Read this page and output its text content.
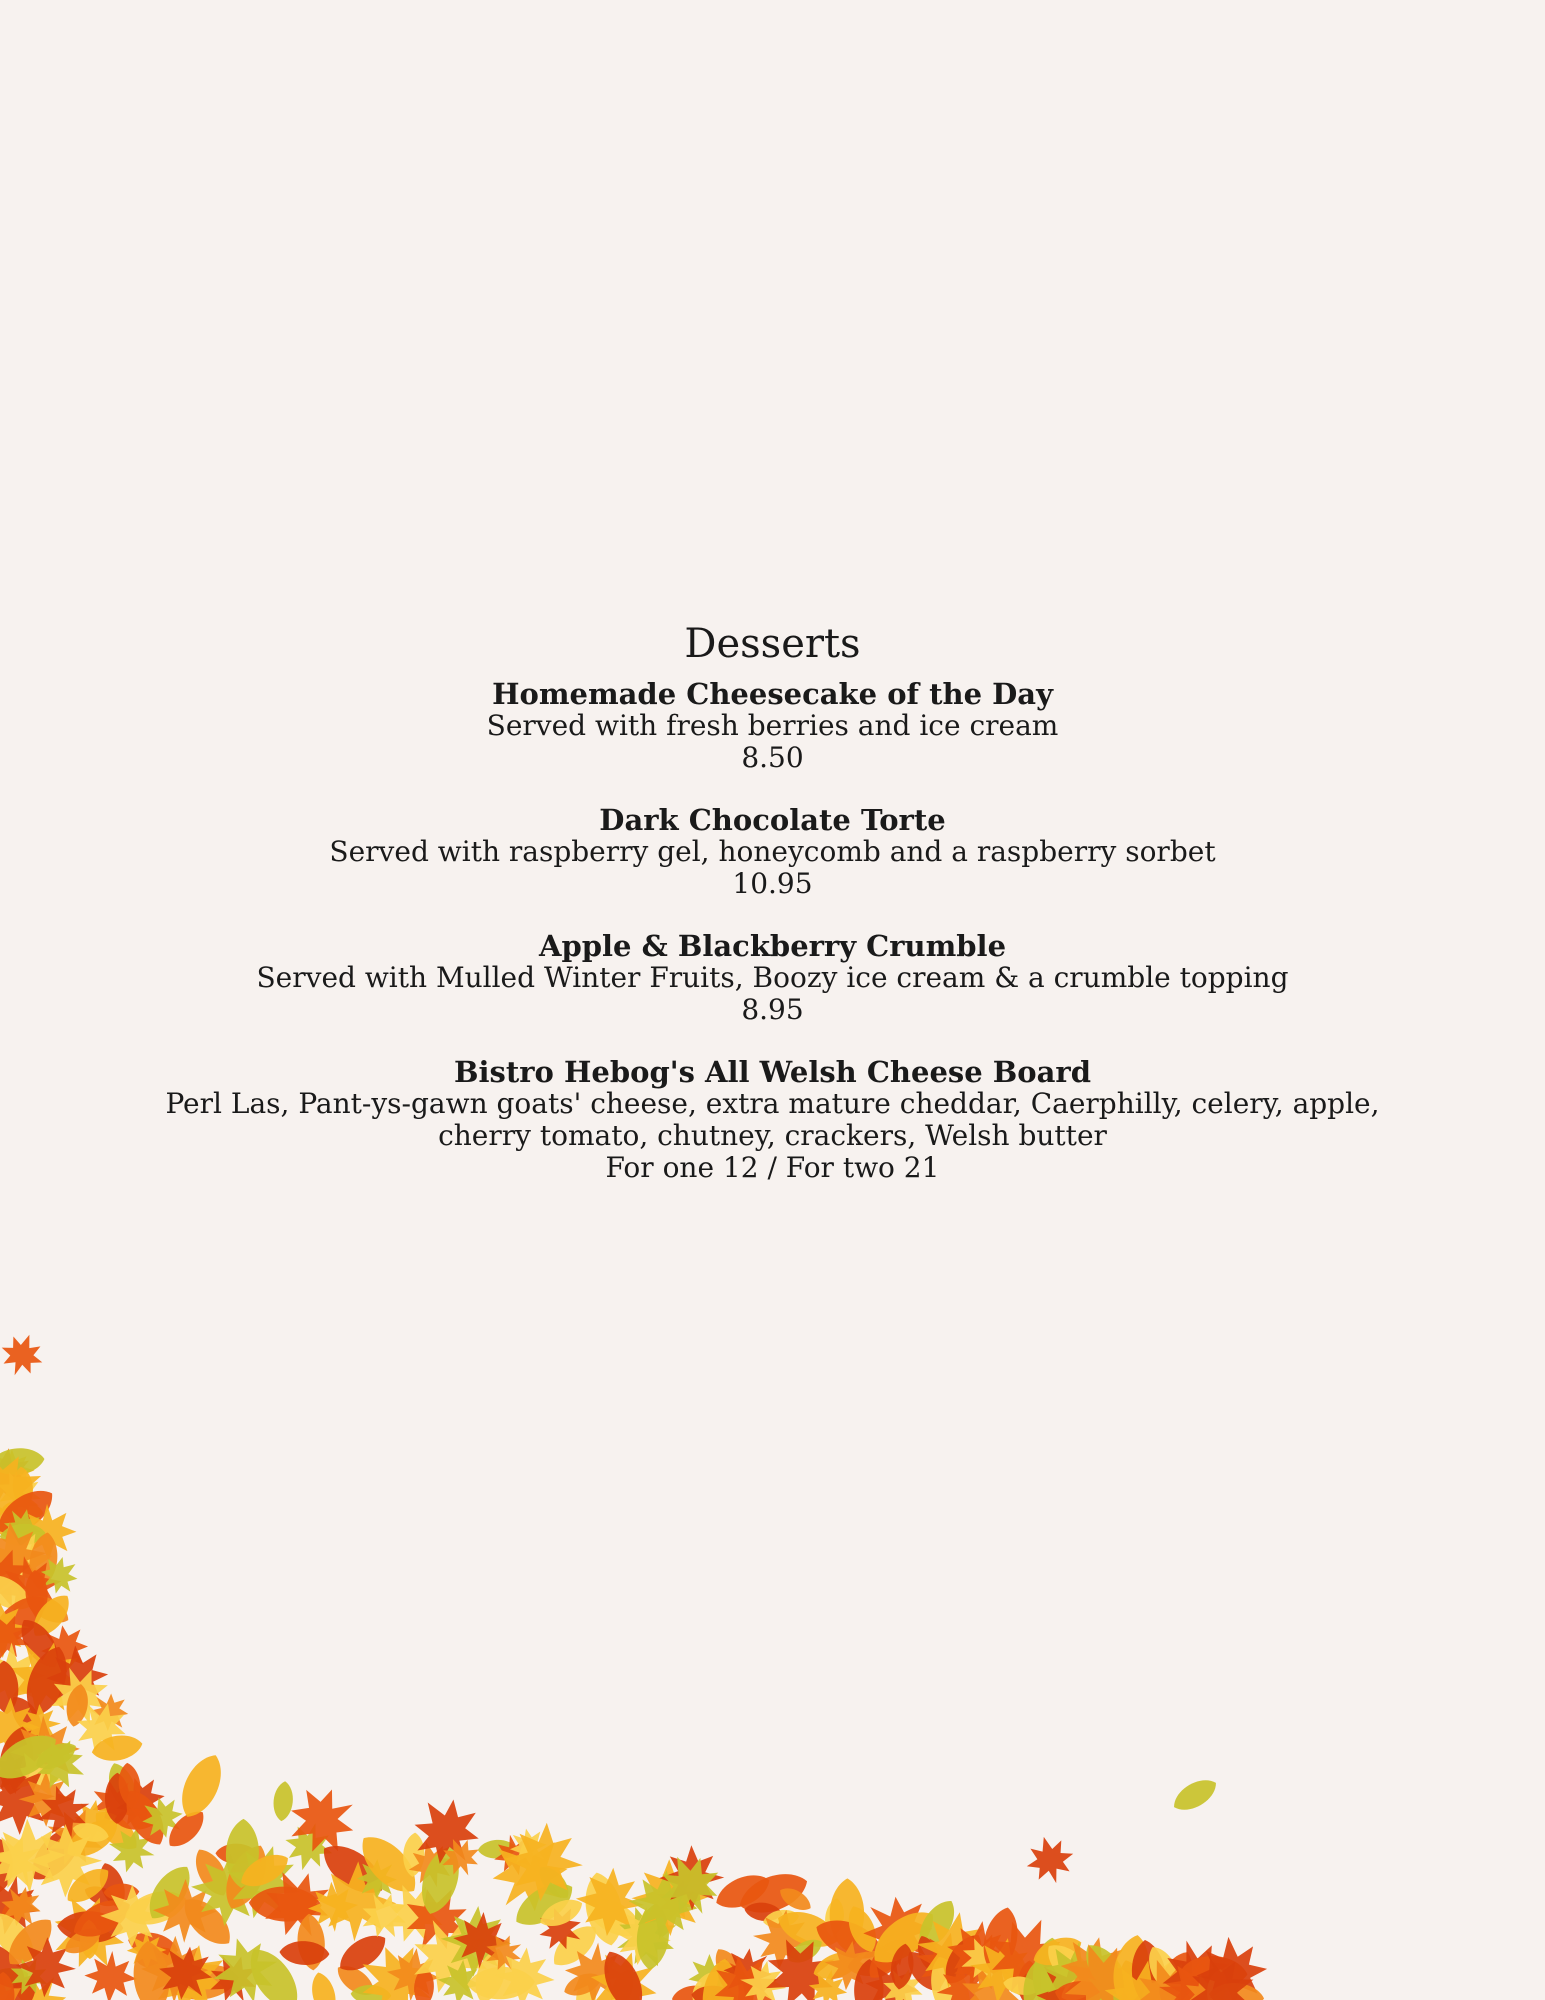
Desserts
Homemade Cheesecake of the Day
Served with fresh berries and ice cream
8.50
Dark Chocolate Torte
Served with raspberry gel, honeycomb and a raspberry sorbet
10.95
Apple & Blackberry Crumble
Served with Mulled Winter Fruits, Boozy ice cream & a crumble topping
8.95
Bistro Hebog's All Welsh Cheese Board
Perl Las, Pant-ys-gawn goats' cheese, extra mature cheddar, Caerphilly, celery, apple,
cherry tomato, chutney, crackers, Welsh butter
For one 12 / For two 21
